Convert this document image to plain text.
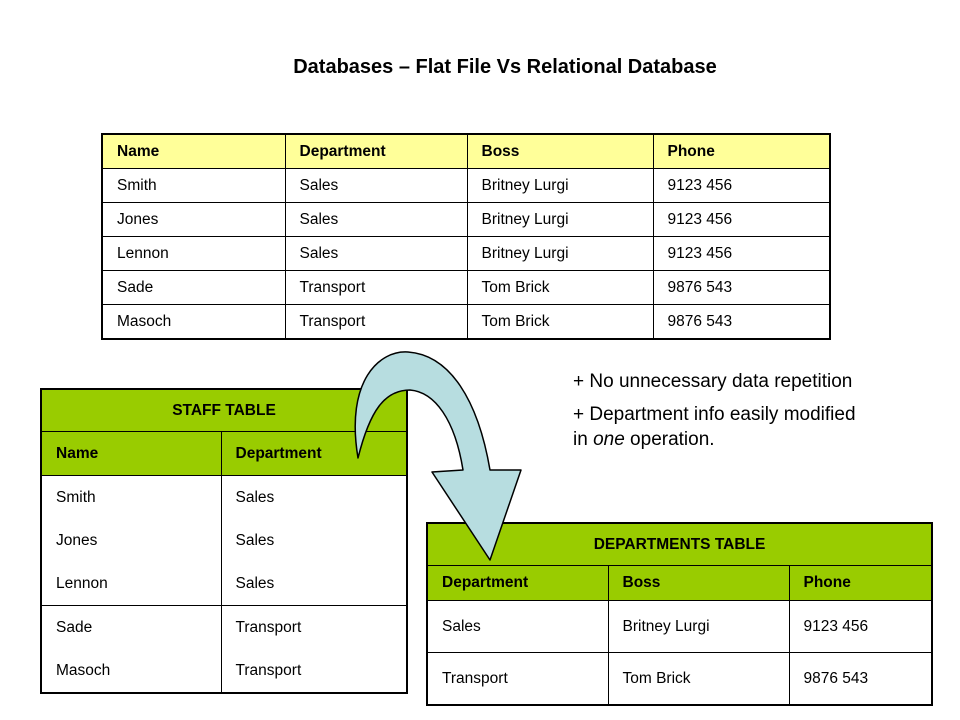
Databases – Flat File Vs Relational Database
Name	Department	Boss	Phone
Smith	Sales	Britney Lurgi	9123 456
Jones	Sales	Britney Lurgi	9123 456
Lennon	Sales	Britney Lurgi	9123 456
Sade	Transport	Tom Brick	9876 543
Masoch	Transport	Tom Brick	9876 543
STAFF TABLE	
Name	Department
Smith	Sales
Jones	Sales
Lennon	Sales
Sade	Transport
Masoch	Transport
DEPARTMENTS TABLE		
Department	Boss	Phone
Sales	Britney Lurgi	9123 456
Transport	Tom Brick	9876 543

+ No unnecessary data repetition

+ Department info easily modified in one operation.
